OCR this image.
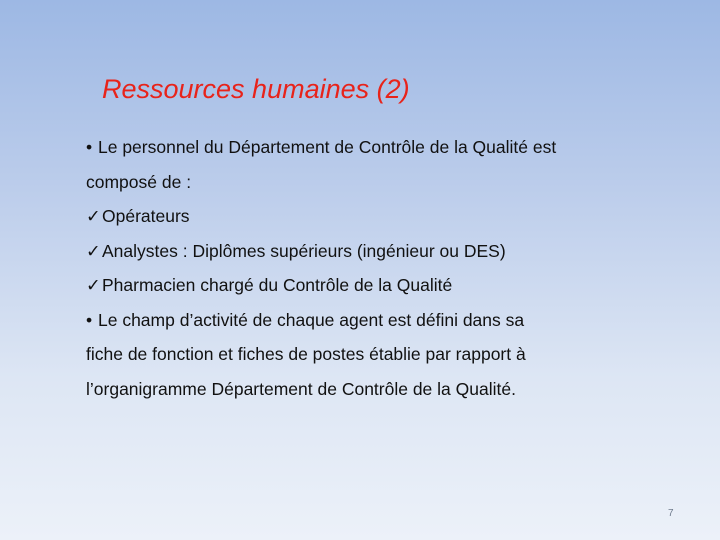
Ressources humaines (2)
• Le personnel du Département de Contrôle de la Qualité est
composé de :
✓Opérateurs
✓Analystes : Diplômes supérieurs (ingénieur ou DES)
✓Pharmacien chargé du Contrôle de la Qualité
• Le champ d’activité de chaque agent est défini dans sa
fiche de fonction et fiches de postes établie par rapport à
l’organigramme Département de Contrôle de la Qualité.
7
